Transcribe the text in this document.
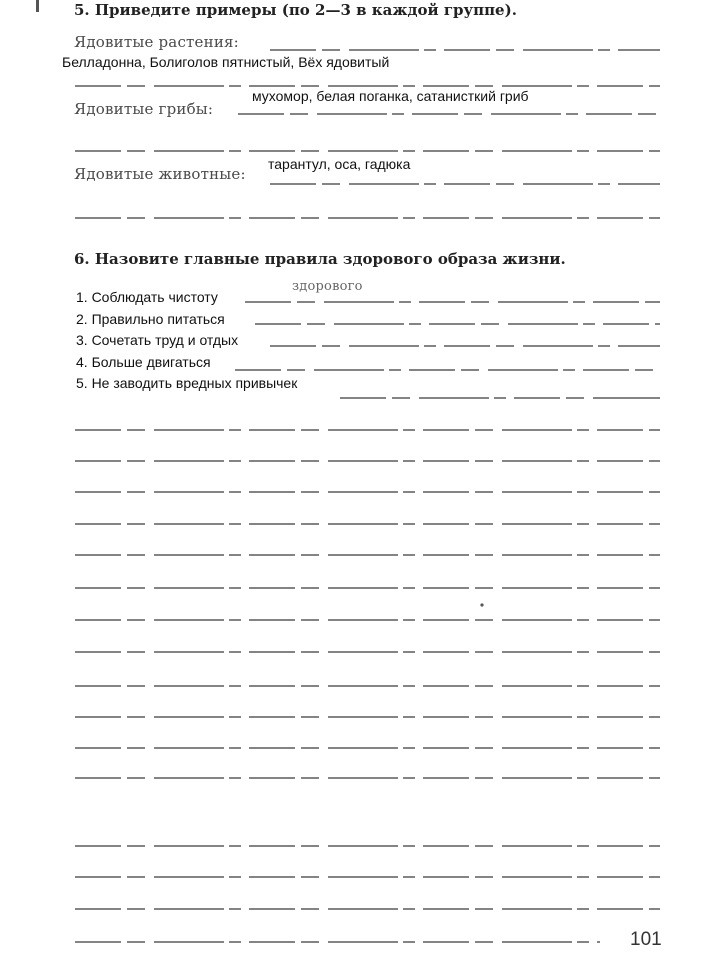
5. Приведите примеры (по 2—3 в каждой группе).
Ядовитые растения:
Белладонна, Болиголов пятнистый, Вёх ядовитый
Ядовитые грибы:
мухомор, белая поганка, сатанисткий гриб
Ядовитые животные:
тарантул, оса, гадюка
6. Назовите главные правила здорового образа жизни.
здорового
1. Соблюдать чистоту
2. Правильно питаться
3. Сочетать труд и отдых
4. Больше двигаться
5. Не заводить вредных привычек
101
